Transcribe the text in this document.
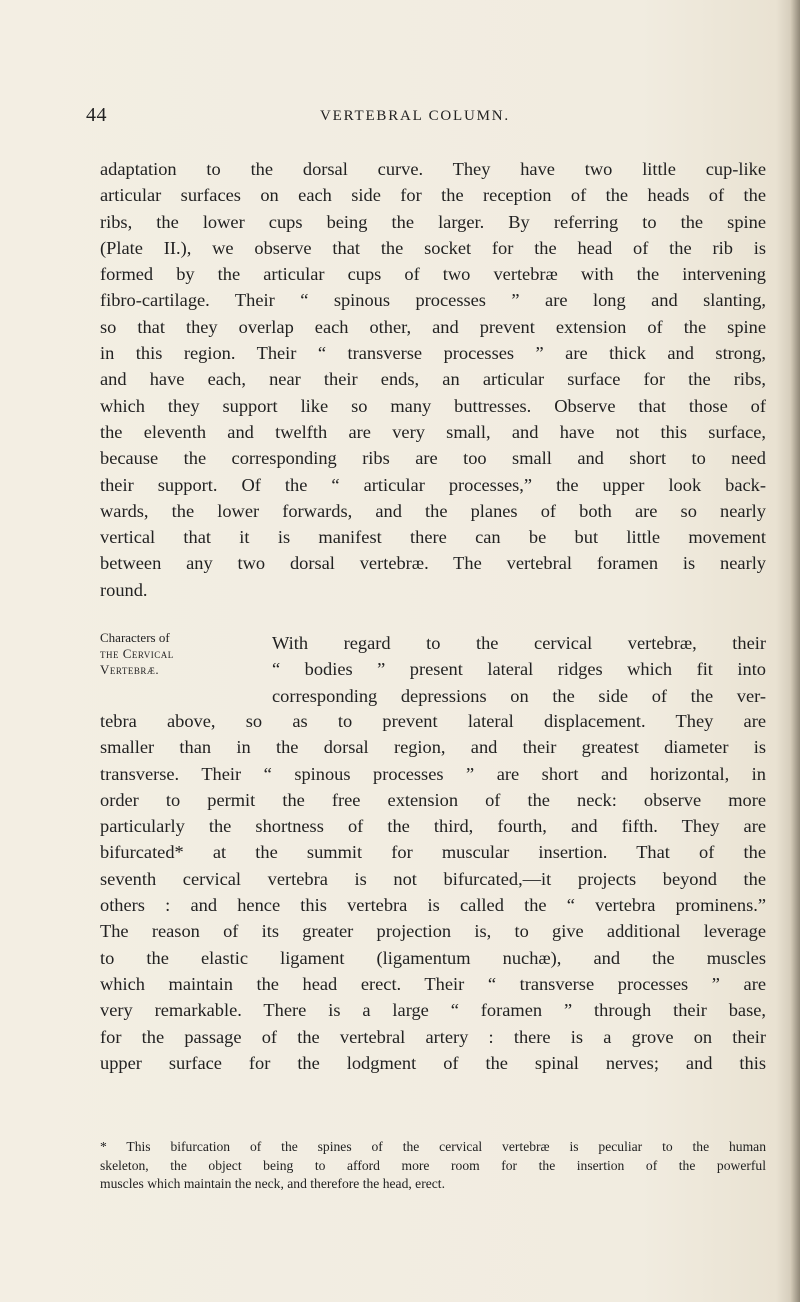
44	VERTEBRAL COLUMN.
adaptation to the dorsal curve. They have two little cup-like
articular surfaces on each side for the reception of the heads of the
ribs, the lower cups being the larger. By referring to the spine
(Plate II.), we observe that the socket for the head of the rib is
formed by the articular cups of two vertebræ with the intervening
fibro-cartilage. Their “ spinous processes ” are long and slanting,
so that they overlap each other, and prevent extension of the spine
in this region. Their “ transverse processes ” are thick and strong,
and have each, near their ends, an articular surface for the ribs,
which they support like so many buttresses. Observe that those of
the eleventh and twelfth are very small, and have not this surface,
because the corresponding ribs are too small and short to need
their support. Of the “ articular processes,” the upper look back-
wards, the lower forwards, and the planes of both are so nearly
vertical that it is manifest there can be but little movement
between any two dorsal vertebræ. The vertebral foramen is nearly
round.
Characters of
the Cervical
Vertebræ.
With regard to the cervical vertebræ, their
“ bodies ” present lateral ridges which fit into
corresponding depressions on the side of the ver-
tebra above, so as to prevent lateral displacement. They are
smaller than in the dorsal region, and their greatest diameter is
transverse. Their “ spinous processes ” are short and horizontal, in
order to permit the free extension of the neck: observe more
particularly the shortness of the third, fourth, and fifth. They are
bifurcated* at the summit for muscular insertion. That of the
seventh cervical vertebra is not bifurcated,—it projects beyond the
others : and hence this vertebra is called the “ vertebra prominens.”
The reason of its greater projection is, to give additional leverage
to the elastic ligament (ligamentum nuchæ), and the muscles
which maintain the head erect. Their “ transverse processes ” are
very remarkable. There is a large “ foramen ” through their base,
for the passage of the vertebral artery : there is a grove on their
upper surface for the lodgment of the spinal nerves; and this
* This bifurcation of the spines of the cervical vertebræ is peculiar to the human
skeleton, the object being to afford more room for the insertion of the powerful
muscles which maintain the neck, and therefore the head, erect.
